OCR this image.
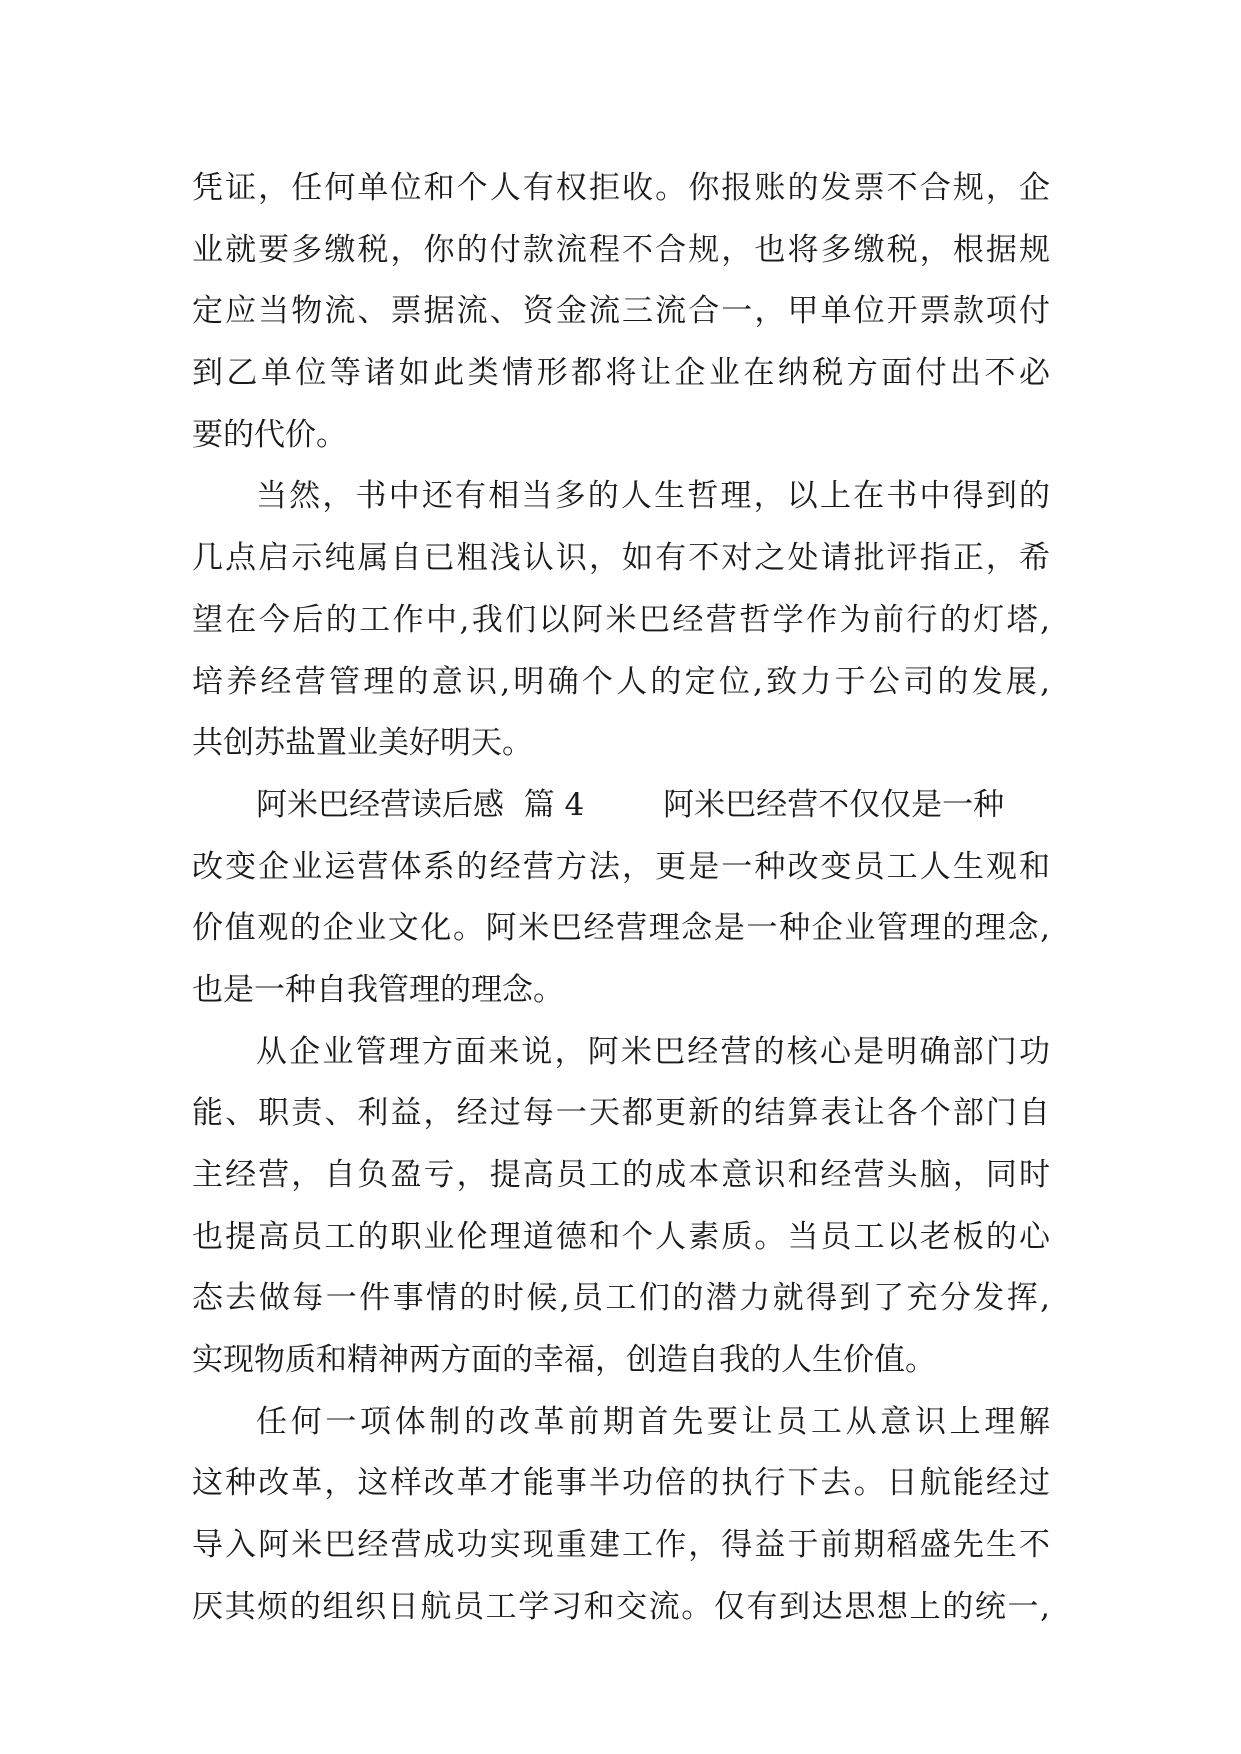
凭证，任何单位和个人有权拒收。你报账的发票不合规，企
业就要多缴税，你的付款流程不合规，也将多缴税，根据规
定应当物流、票据流、资金流三流合一，甲单位开票款项付
到乙单位等诸如此类情形都将让企业在纳税方面付出不必
要的代价。
当然，书中还有相当多的人生哲理，以上在书中得到的
几点启示纯属自已粗浅认识，如有不对之处请批评指正，希
望在今后的工作中,我们以阿米巴经营哲学作为前行的灯塔,
培养经营管理的意识,明确个人的定位,致力于公司的发展,
共创苏盐置业美好明天。
阿米巴经营读后感  篇 4        阿米巴经营不仅仅是一种
改变企业运营体系的经营方法，更是一种改变员工人生观和
价值观的企业文化。阿米巴经营理念是一种企业管理的理念,
也是一种自我管理的理念。
从企业管理方面来说，阿米巴经营的核心是明确部门功
能、职责、利益，经过每一天都更新的结算表让各个部门自
主经营，自负盈亏，提高员工的成本意识和经营头脑，同时
也提高员工的职业伦理道德和个人素质。当员工以老板的心
态去做每一件事情的时候,员工们的潜力就得到了充分发挥,
实现物质和精神两方面的幸福，创造自我的人生价值。
任何一项体制的改革前期首先要让员工从意识上理解
这种改革，这样改革才能事半功倍的执行下去。日航能经过
导入阿米巴经营成功实现重建工作，得益于前期稻盛先生不
厌其烦的组织日航员工学习和交流。仅有到达思想上的统一,
